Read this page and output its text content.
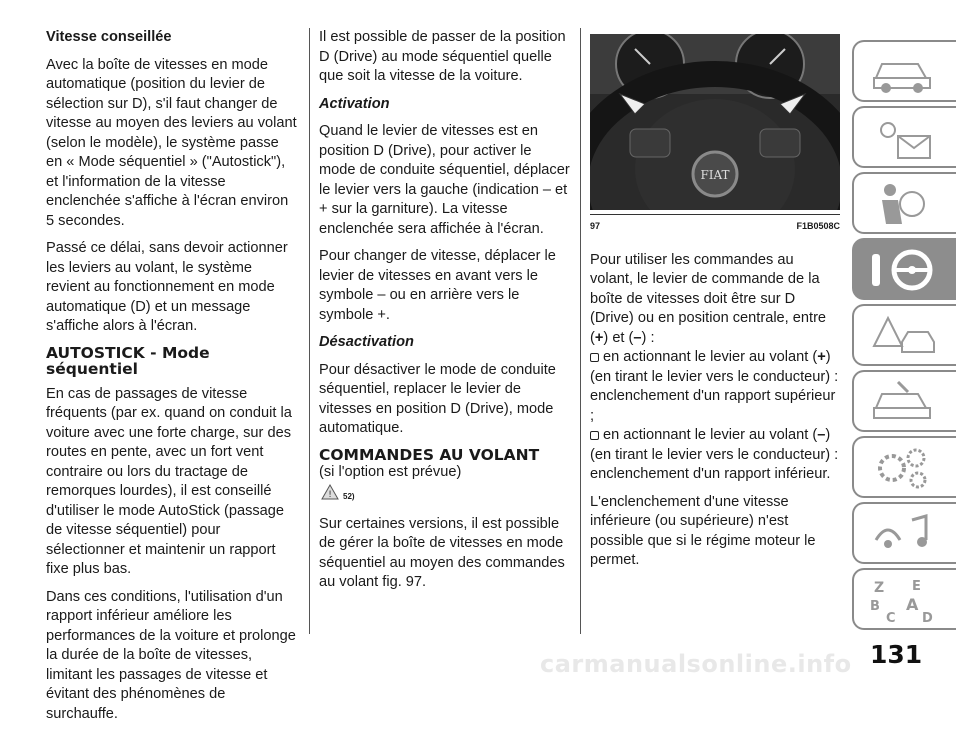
Vitesse conseillée

Avec la boîte de vitesses en mode automatique (position du levier de sélection sur D), s'il faut changer de vitesse au moyen des leviers au volant (selon le modèle), le système passe en « Mode séquentiel » ("Autostick"), et l'information de la vitesse enclenchée s'affiche à l'écran environ 5 secondes.

Passé ce délai, sans devoir actionner les leviers au volant, le système revient au fonctionnement en mode automatique (D) et un message s'affiche alors à l'écran.

AUTOSTICK - Mode séquentiel

En cas de passages de vitesse fréquents (par ex. quand on conduit la voiture avec une forte charge, sur des routes en pente, avec un fort vent contraire ou lors du tractage de remorques lourdes), il est conseillé d'utiliser le mode AutoStick (passage de vitesse séquentiel) pour sélectionner et maintenir un rapport fixe plus bas.

Dans ces conditions, l'utilisation d'un rapport inférieur améliore les performances de la voiture et prolonge la durée de la boîte de vitesses, limitant les passages de vitesse et évitant des phénomènes de surchauffe.

Il est possible de passer de la position D (Drive) au mode séquentiel quelle que soit la vitesse de la voiture.

Activation

Quand le levier de vitesses est en position D (Drive), pour activer le mode de conduite séquentiel, déplacer le levier vers la gauche (indication – et + sur la garniture). La vitesse enclenchée sera affichée à l'écran.

Pour changer de vitesse, déplacer le levier de vitesses en avant vers le symbole – ou en arrière vers le symbole +.

Désactivation

Pour désactiver le mode de conduite séquentiel, replacer le levier de vitesses en position D (Drive), mode automatique.

COMMANDES AU VOLANT

(si l'option est prévue)

! 52)

Sur certaines versions, il est possible de gérer la boîte de vitesses en mode séquentiel au moyen des commandes au volant fig. 97.

FIAT
97	F1B0508C

Pour utiliser les commandes au volant, le levier de commande de la boîte de vitesses doit être sur D (Drive) ou en position centrale, entre (+) et (–) :
en actionnant le levier au volant (+) (en tirant le levier vers le conducteur) : enclenchement d'un rapport supérieur ;
en actionnant le levier au volant (–) (en tirant le levier vers le conducteur) : enclenchement d'un rapport inférieur.

L'enclenchement d'une vitesse inférieure (ou supérieure) n'est possible que si le régime moteur le permet.

Z E
B A
C D
131
carmanualsonline.info
